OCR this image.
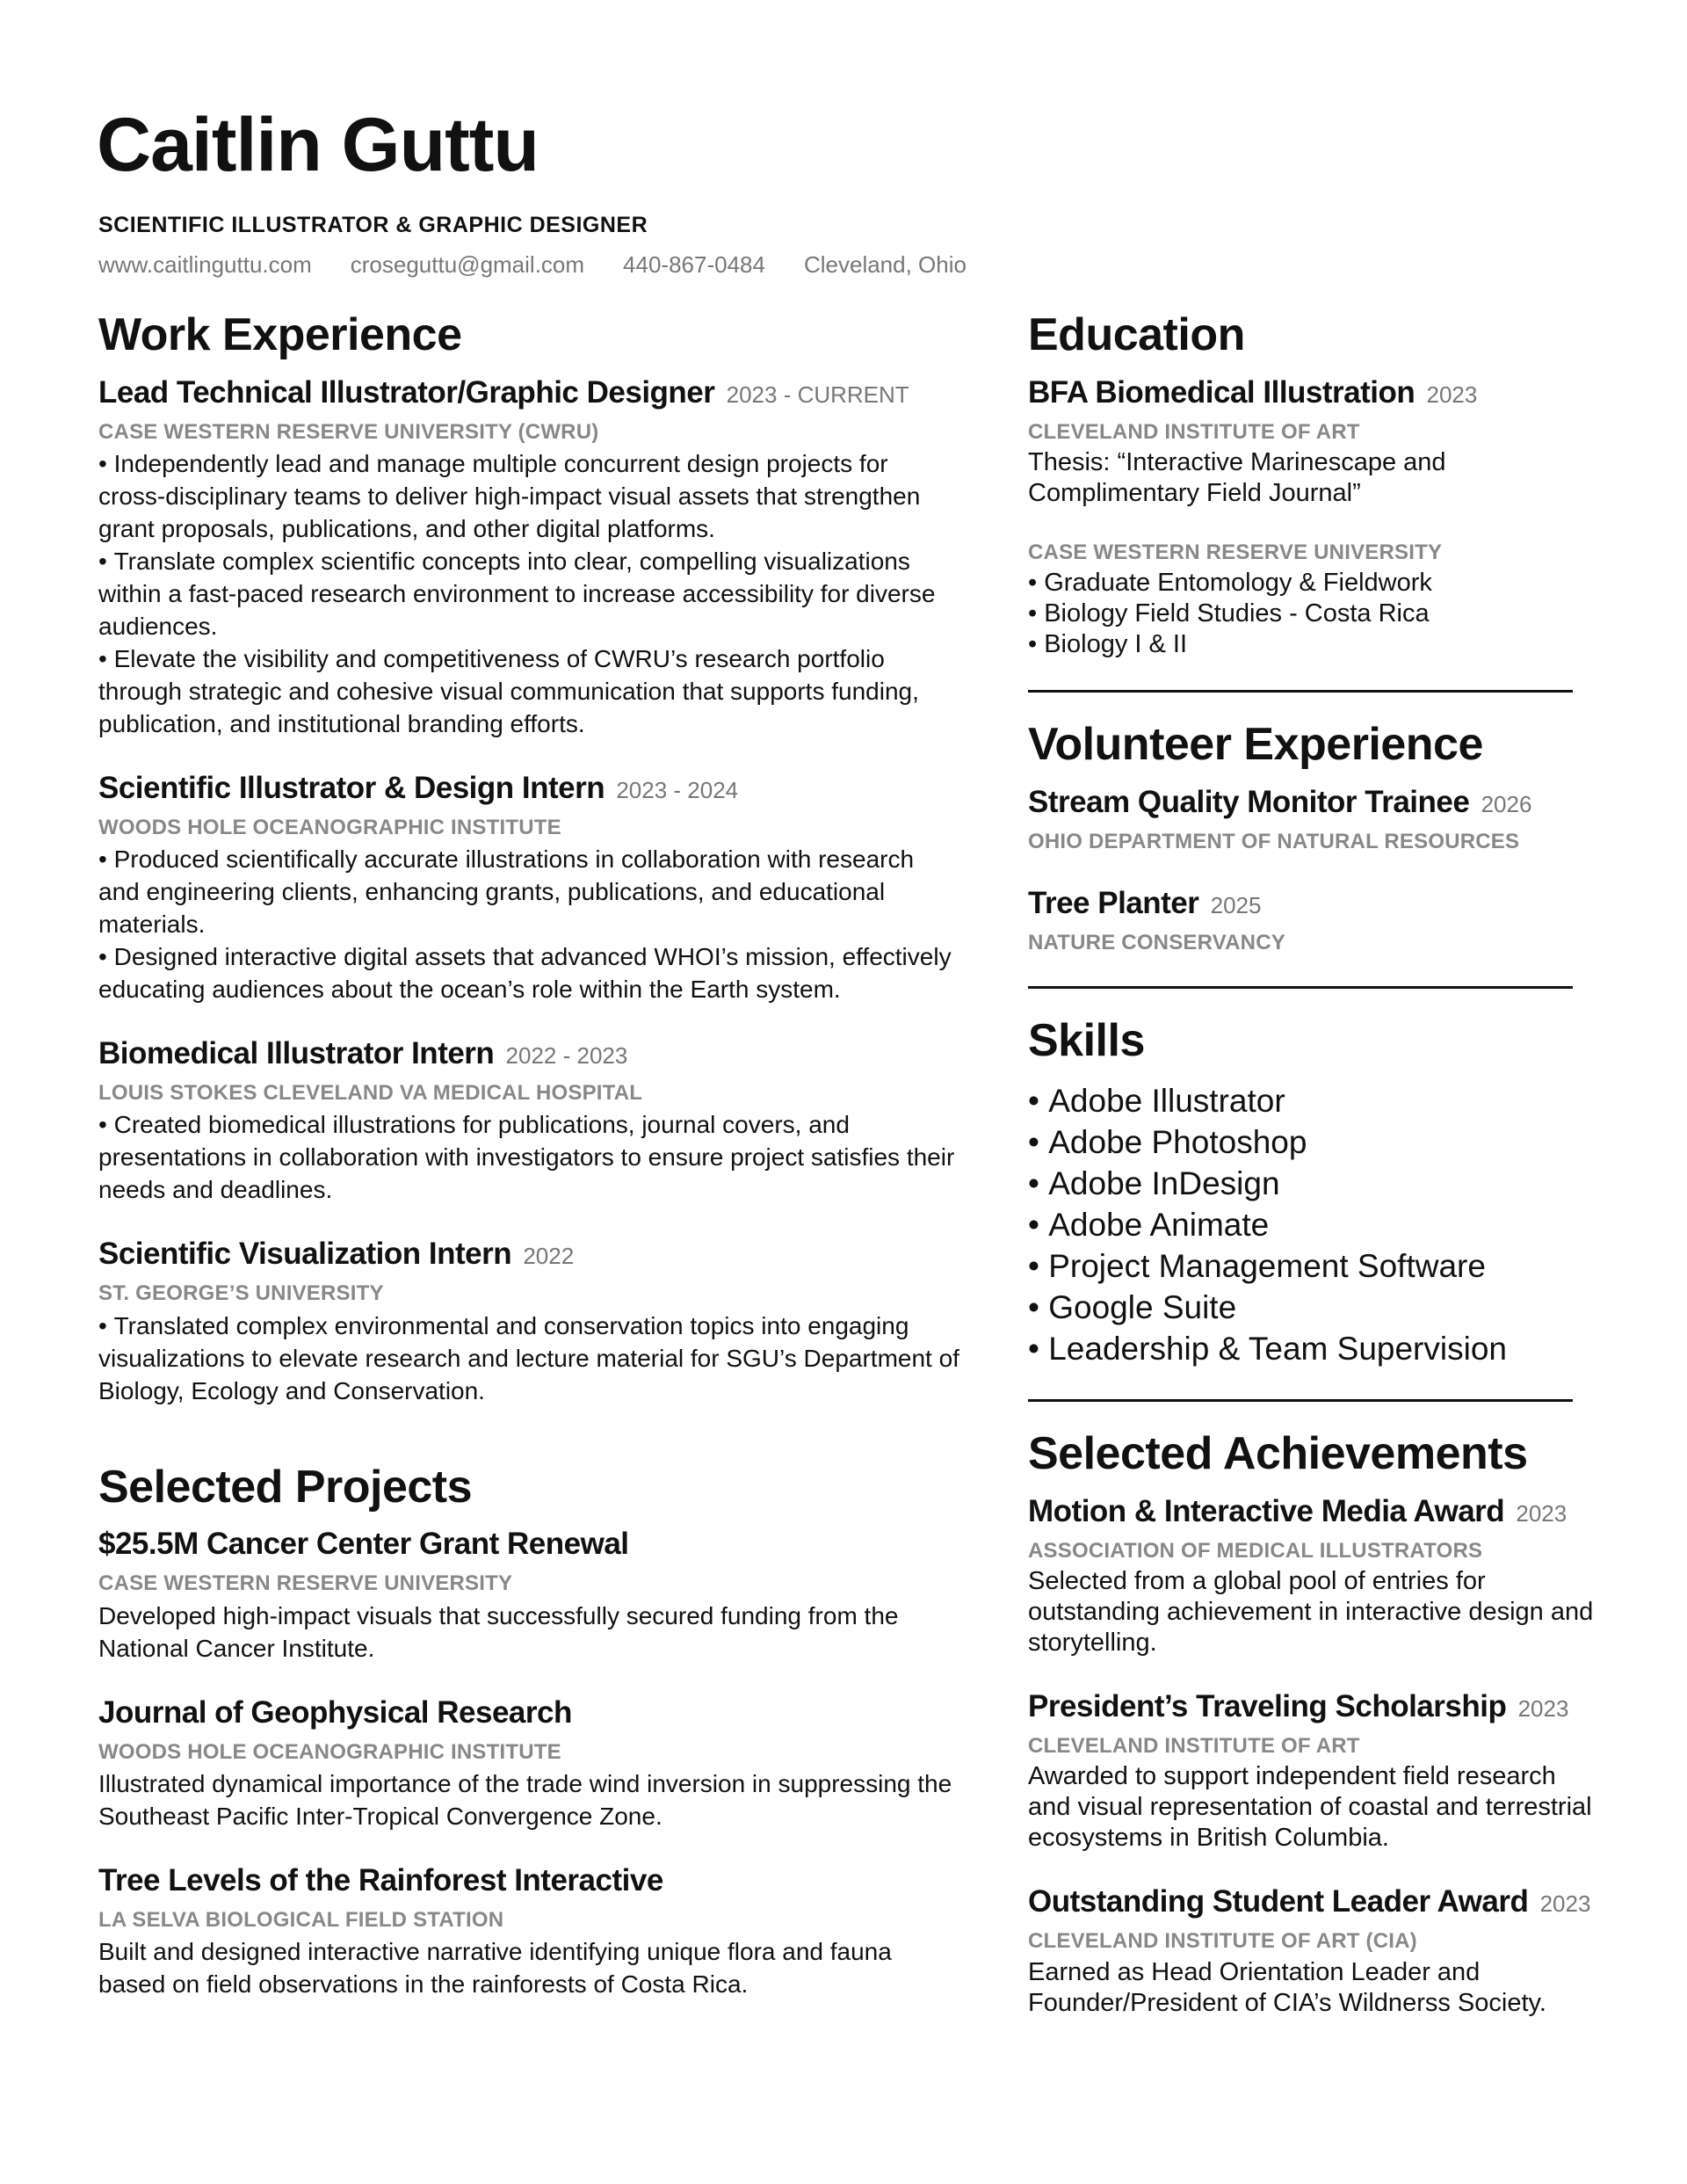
Caitlin Guttu
SCIENTIFIC ILLUSTRATOR & GRAPHIC DESIGNER
www.caitlinguttu.com croseguttu@gmail.com 440-867-0484 Cleveland, Ohio
Work Experience
Lead Technical Illustrator/Graphic Designer 2023 - CURRENT
CASE WESTERN RESERVE UNIVERSITY (CWRU)
• Independently lead and manage multiple concurrent design projects for cross-disciplinary teams to deliver high-impact visual assets that strengthen grant proposals, publications, and other digital platforms.
• Translate complex scientific concepts into clear, compelling visualizations within a fast-paced research environment to increase accessibility for diverse audiences.
• Elevate the visibility and competitiveness of CWRU’s research portfolio through strategic and cohesive visual communication that supports funding, publication, and institutional branding efforts.
Scientific Illustrator & Design Intern 2023 - 2024
WOODS HOLE OCEANOGRAPHIC INSTITUTE
• Produced scientifically accurate illustrations in collaboration with research and engineering clients, enhancing grants, publications, and educational materials.
• Designed interactive digital assets that advanced WHOI’s mission, effectively educating audiences about the ocean’s role within the Earth system.
Biomedical Illustrator Intern 2022 - 2023
LOUIS STOKES CLEVELAND VA MEDICAL HOSPITAL
• Created biomedical illustrations for publications, journal covers, and presentations in collaboration with investigators to ensure project satisfies their needs and deadlines.
Scientific Visualization Intern 2022
ST. GEORGE’S UNIVERSITY
• Translated complex environmental and conservation topics into engaging visualizations to elevate research and lecture material for SGU’s Department of Biology, Ecology and Conservation.
Selected Projects
$25.5M Cancer Center Grant Renewal
CASE WESTERN RESERVE UNIVERSITY
Developed high-impact visuals that successfully secured funding from the National Cancer Institute.
Journal of Geophysical Research
WOODS HOLE OCEANOGRAPHIC INSTITUTE
Illustrated dynamical importance of the trade wind inversion in suppressing the Southeast Pacific Inter-Tropical Convergence Zone.
Tree Levels of the Rainforest Interactive
LA SELVA BIOLOGICAL FIELD STATION
Built and designed interactive narrative identifying unique flora and fauna based on field observations in the rainforests of Costa Rica.
Education
BFA Biomedical Illustration 2023
CLEVELAND INSTITUTE OF ART
Thesis: “Interactive Marinescape and Complimentary Field Journal”
CASE WESTERN RESERVE UNIVERSITY
• Graduate Entomology & Fieldwork
• Biology Field Studies - Costa Rica
• Biology I & II
Volunteer Experience
Stream Quality Monitor Trainee 2026
OHIO DEPARTMENT OF NATURAL RESOURCES
Tree Planter 2025
NATURE CONSERVANCY
Skills
• Adobe Illustrator
• Adobe Photoshop
• Adobe InDesign
• Adobe Animate
• Project Management Software
• Google Suite
• Leadership & Team Supervision
Selected Achievements
Motion & Interactive Media Award 2023
ASSOCIATION OF MEDICAL ILLUSTRATORS
Selected from a global pool of entries for outstanding achievement in interactive design and storytelling.
President’s Traveling Scholarship 2023
CLEVELAND INSTITUTE OF ART
Awarded to support independent field research and visual representation of coastal and terrestrial ecosystems in British Columbia.
Outstanding Student Leader Award 2023
CLEVELAND INSTITUTE OF ART (CIA)
Earned as Head Orientation Leader and Founder/President of CIA’s Wildnerss Society.
